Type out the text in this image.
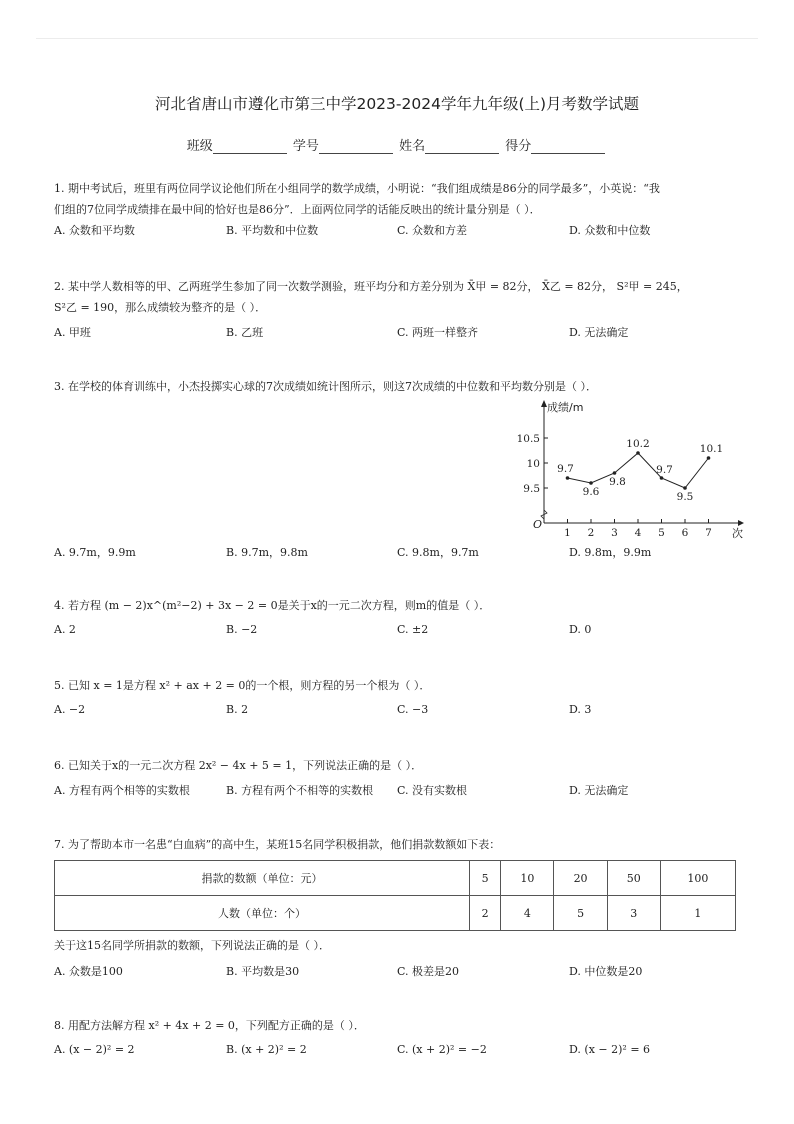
河北省唐山市遵化市第三中学2023-2024学年九年级(上)月考数学试题
班级	学号	姓名	得分
1. 期中考试后，班里有两位同学议论他们所在小组同学的数学成绩，小明说：“我们组成绩是86分的同学最多”，小英说：“我
们组的7位同学成绩排在最中间的恰好也是86分”．上面两位同学的话能反映出的统计量分别是（ ）．
A. 众数和平均数	B. 平均数和中位数	C. 众数和方差	D. 众数和中位数
2. 某中学人数相等的甲、乙两班学生参加了同一次数学测验，班平均分和方差分别为 X̄甲 = 82分， X̄乙 = 82分， S²甲 = 245，
S²乙 = 190，那么成绩较为整齐的是（ ）．
A. 甲班	B. 乙班	C. 两班一样整齐	D. 无法确定
3. 在学校的体育训练中，小杰投掷实心球的7次成绩如统计图所示，则这7次成绩的中位数和平均数分别是（ ）．
成绩/m
次
O
9.5
10
10.5
1 2 3 4 5 6 7
9.7
9.6
9.8
10.2
9.7
9.5
10.1
A. 9.7m，9.9m	B. 9.7m，9.8m	C. 9.8m，9.7m	D. 9.8m，9.9m
4. 若方程 (m − 2)x^(m²−2) + 3x − 2 = 0是关于x的一元二次方程，则m的值是（ ）．
A. 2	B. −2	C. ±2	D. 0
5. 已知 x = 1是方程 x² + ax + 2 = 0的一个根，则方程的另一个根为（ ）．
A. −2	B. 2	C. −3	D. 3
6. 已知关于x的一元二次方程 2x² − 4x + 5 = 1，下列说法正确的是（ ）．
A. 方程有两个相等的实数根	B. 方程有两个不相等的实数根 C. 没有实数根	D. 无法确定
7. 为了帮助本市一名患“白血病”的高中生，某班15名同学积极捐款，他们捐款数额如下表：
捐款的数额（单位：元）	5	10	20	50	100
人数（单位：个）	2	4	5	3	1
关于这15名同学所捐款的数额，下列说法正确的是（ ）．
A. 众数是100	B. 平均数是30	C. 极差是20	D. 中位数是20
8. 用配方法解方程 x² + 4x + 2 = 0，下列配方正确的是（ ）．
A. (x − 2)² = 2	B. (x + 2)² = 2	C. (x + 2)² = −2	D. (x − 2)² = 6
